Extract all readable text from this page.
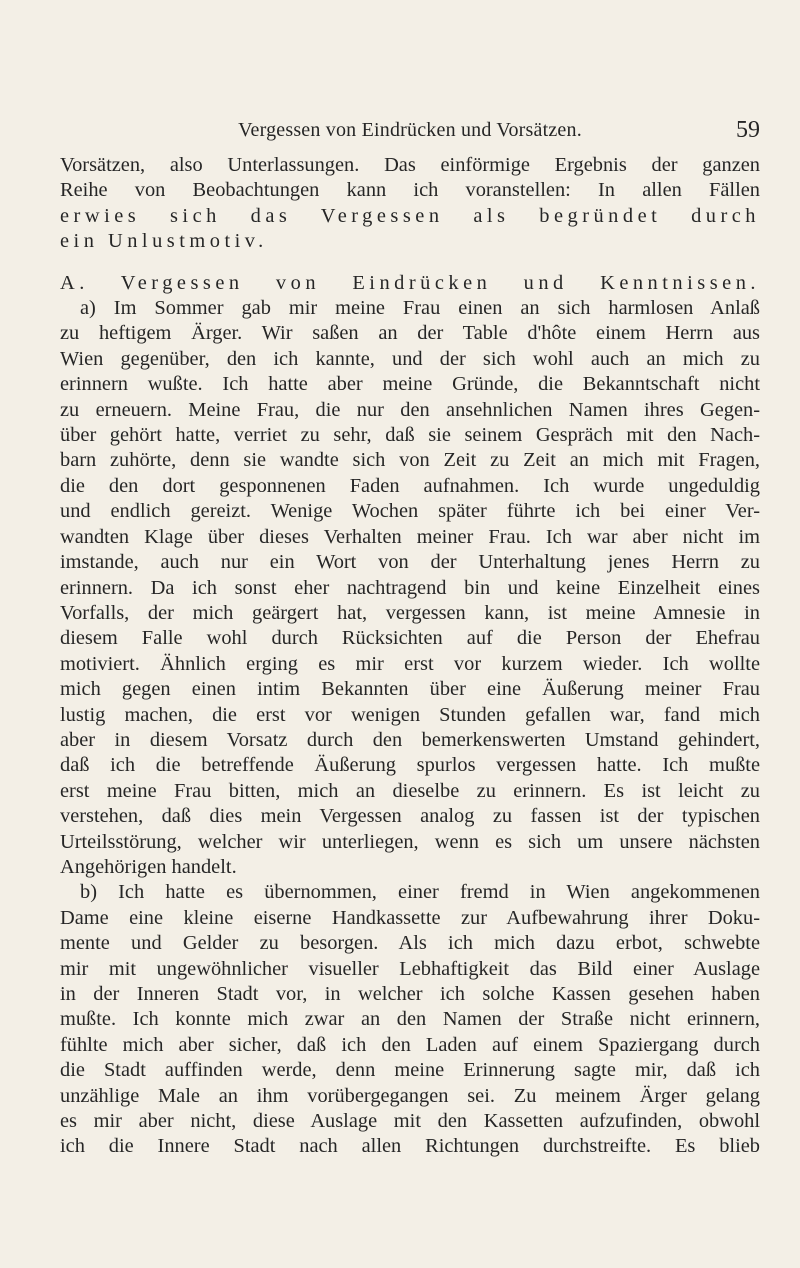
Vergessen von Eindrücken und Vorsätzen.	59
Vorsätzen, also Unterlassungen. Das einförmige Ergebnis der ganzen
Reihe von Beobachtungen kann ich voranstellen: In allen Fällen
erwies sich das Vergessen als begründet durch
ein Unlustmotiv.
A. Vergessen von Eindrücken und Kenntnissen.
a) Im Sommer gab mir meine Frau einen an sich harmlosen Anlaß
zu heftigem Ärger. Wir saßen an der Table d'hôte einem Herrn aus
Wien gegenüber, den ich kannte, und der sich wohl auch an mich zu
erinnern wußte. Ich hatte aber meine Gründe, die Bekanntschaft nicht
zu erneuern. Meine Frau, die nur den ansehnlichen Namen ihres Gegen-
über gehört hatte, verriet zu sehr, daß sie seinem Gespräch mit den Nach-
barn zuhörte, denn sie wandte sich von Zeit zu Zeit an mich mit Fragen,
die den dort gesponnenen Faden aufnahmen. Ich wurde ungeduldig
und endlich gereizt. Wenige Wochen später führte ich bei einer Ver-
wandten Klage über dieses Verhalten meiner Frau. Ich war aber nicht im
imstande, auch nur ein Wort von der Unterhaltung jenes Herrn zu
erinnern. Da ich sonst eher nachtragend bin und keine Einzelheit eines
Vorfalls, der mich geärgert hat, vergessen kann, ist meine Amnesie in
diesem Falle wohl durch Rücksichten auf die Person der Ehefrau
motiviert. Ähnlich erging es mir erst vor kurzem wieder. Ich wollte
mich gegen einen intim Bekannten über eine Äußerung meiner Frau
lustig machen, die erst vor wenigen Stunden gefallen war, fand mich
aber in diesem Vorsatz durch den bemerkenswerten Umstand gehindert,
daß ich die betreffende Äußerung spurlos vergessen hatte. Ich mußte
erst meine Frau bitten, mich an dieselbe zu erinnern. Es ist leicht zu
verstehen, daß dies mein Vergessen analog zu fassen ist der typischen
Urteilsstörung, welcher wir unterliegen, wenn es sich um unsere nächsten
Angehörigen handelt.
b) Ich hatte es übernommen, einer fremd in Wien angekommenen
Dame eine kleine eiserne Handkassette zur Aufbewahrung ihrer Doku-
mente und Gelder zu besorgen. Als ich mich dazu erbot, schwebte
mir mit ungewöhnlicher visueller Lebhaftigkeit das Bild einer Auslage
in der Inneren Stadt vor, in welcher ich solche Kassen gesehen haben
mußte. Ich konnte mich zwar an den Namen der Straße nicht erinnern,
fühlte mich aber sicher, daß ich den Laden auf einem Spaziergang durch
die Stadt auffinden werde, denn meine Erinnerung sagte mir, daß ich
unzählige Male an ihm vorübergegangen sei. Zu meinem Ärger gelang
es mir aber nicht, diese Auslage mit den Kassetten aufzufinden, obwohl
ich die Innere Stadt nach allen Richtungen durchstreifte. Es blieb
